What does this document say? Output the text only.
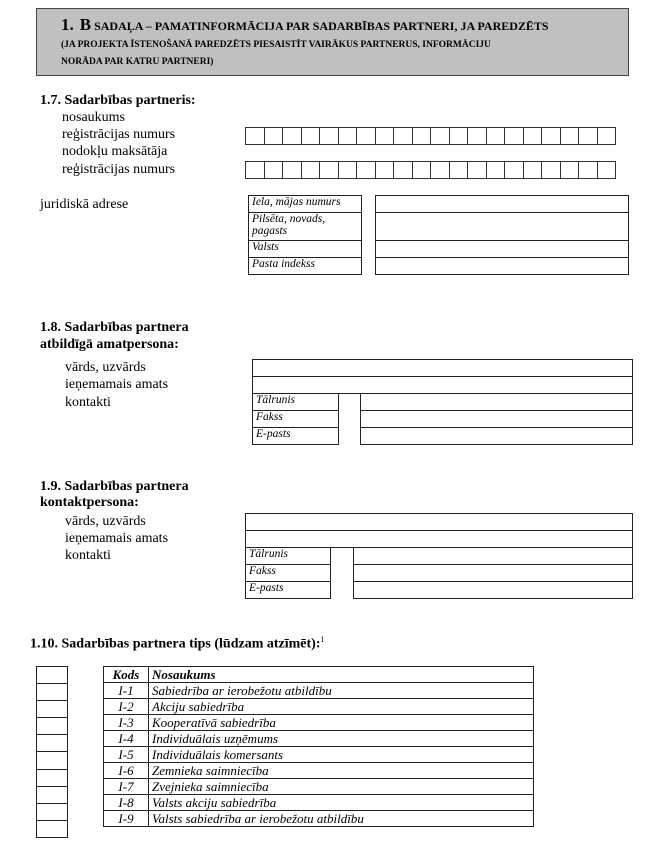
1. B SADAĻA – PAMATINFORMĀCIJA PAR SADARBĪBAS PARTNERI, JA PAREDZĒTS
(JA PROJEKTA ĪSTENOŠANĀ PAREDZĒTS PIESAISTĪT VAIRĀKUS PARTNERUS, INFORMĀCIJU
NORĀDA PAR KATRU PARTNERI)
1.7. Sadarbības partneris:
nosaukums
reģistrācijas numurs
nodokļu maksātāja
reģistrācijas numurs
juridiskā adrese	Iela, mājas numurs
Pilsēta, novads, pagasts
Valsts
Pasta indekss

1.8. Sadarbības partnera
atbildīgā amatpersona:
vārds, uzvārds
ieņemamais amats
kontakti	Tālrunis
Fakss
E-pasts

1.9. Sadarbības partnera
kontaktpersona:
vārds, uzvārds
ieņemamais amats
kontakti	Tālrunis
Fakss
E-pasts

1.10. Sadarbības partnera tips (lūdzam atzīmēt):$^1$
Kods	Nosaukums
I-1	Sabiedrība ar ierobežotu atbildību
I-2	Akciju sabiedrība
I-3	Kooperatīvā sabiedrība
I-4	Individuālais uzņēmums
I-5	Individuālais komersants
I-6	Zemnieka saimniecība
I-7	Zvejnieka saimniecība
I-8	Valsts akciju sabiedrība
I-9	Valsts sabiedrība ar ierobežotu atbildību
